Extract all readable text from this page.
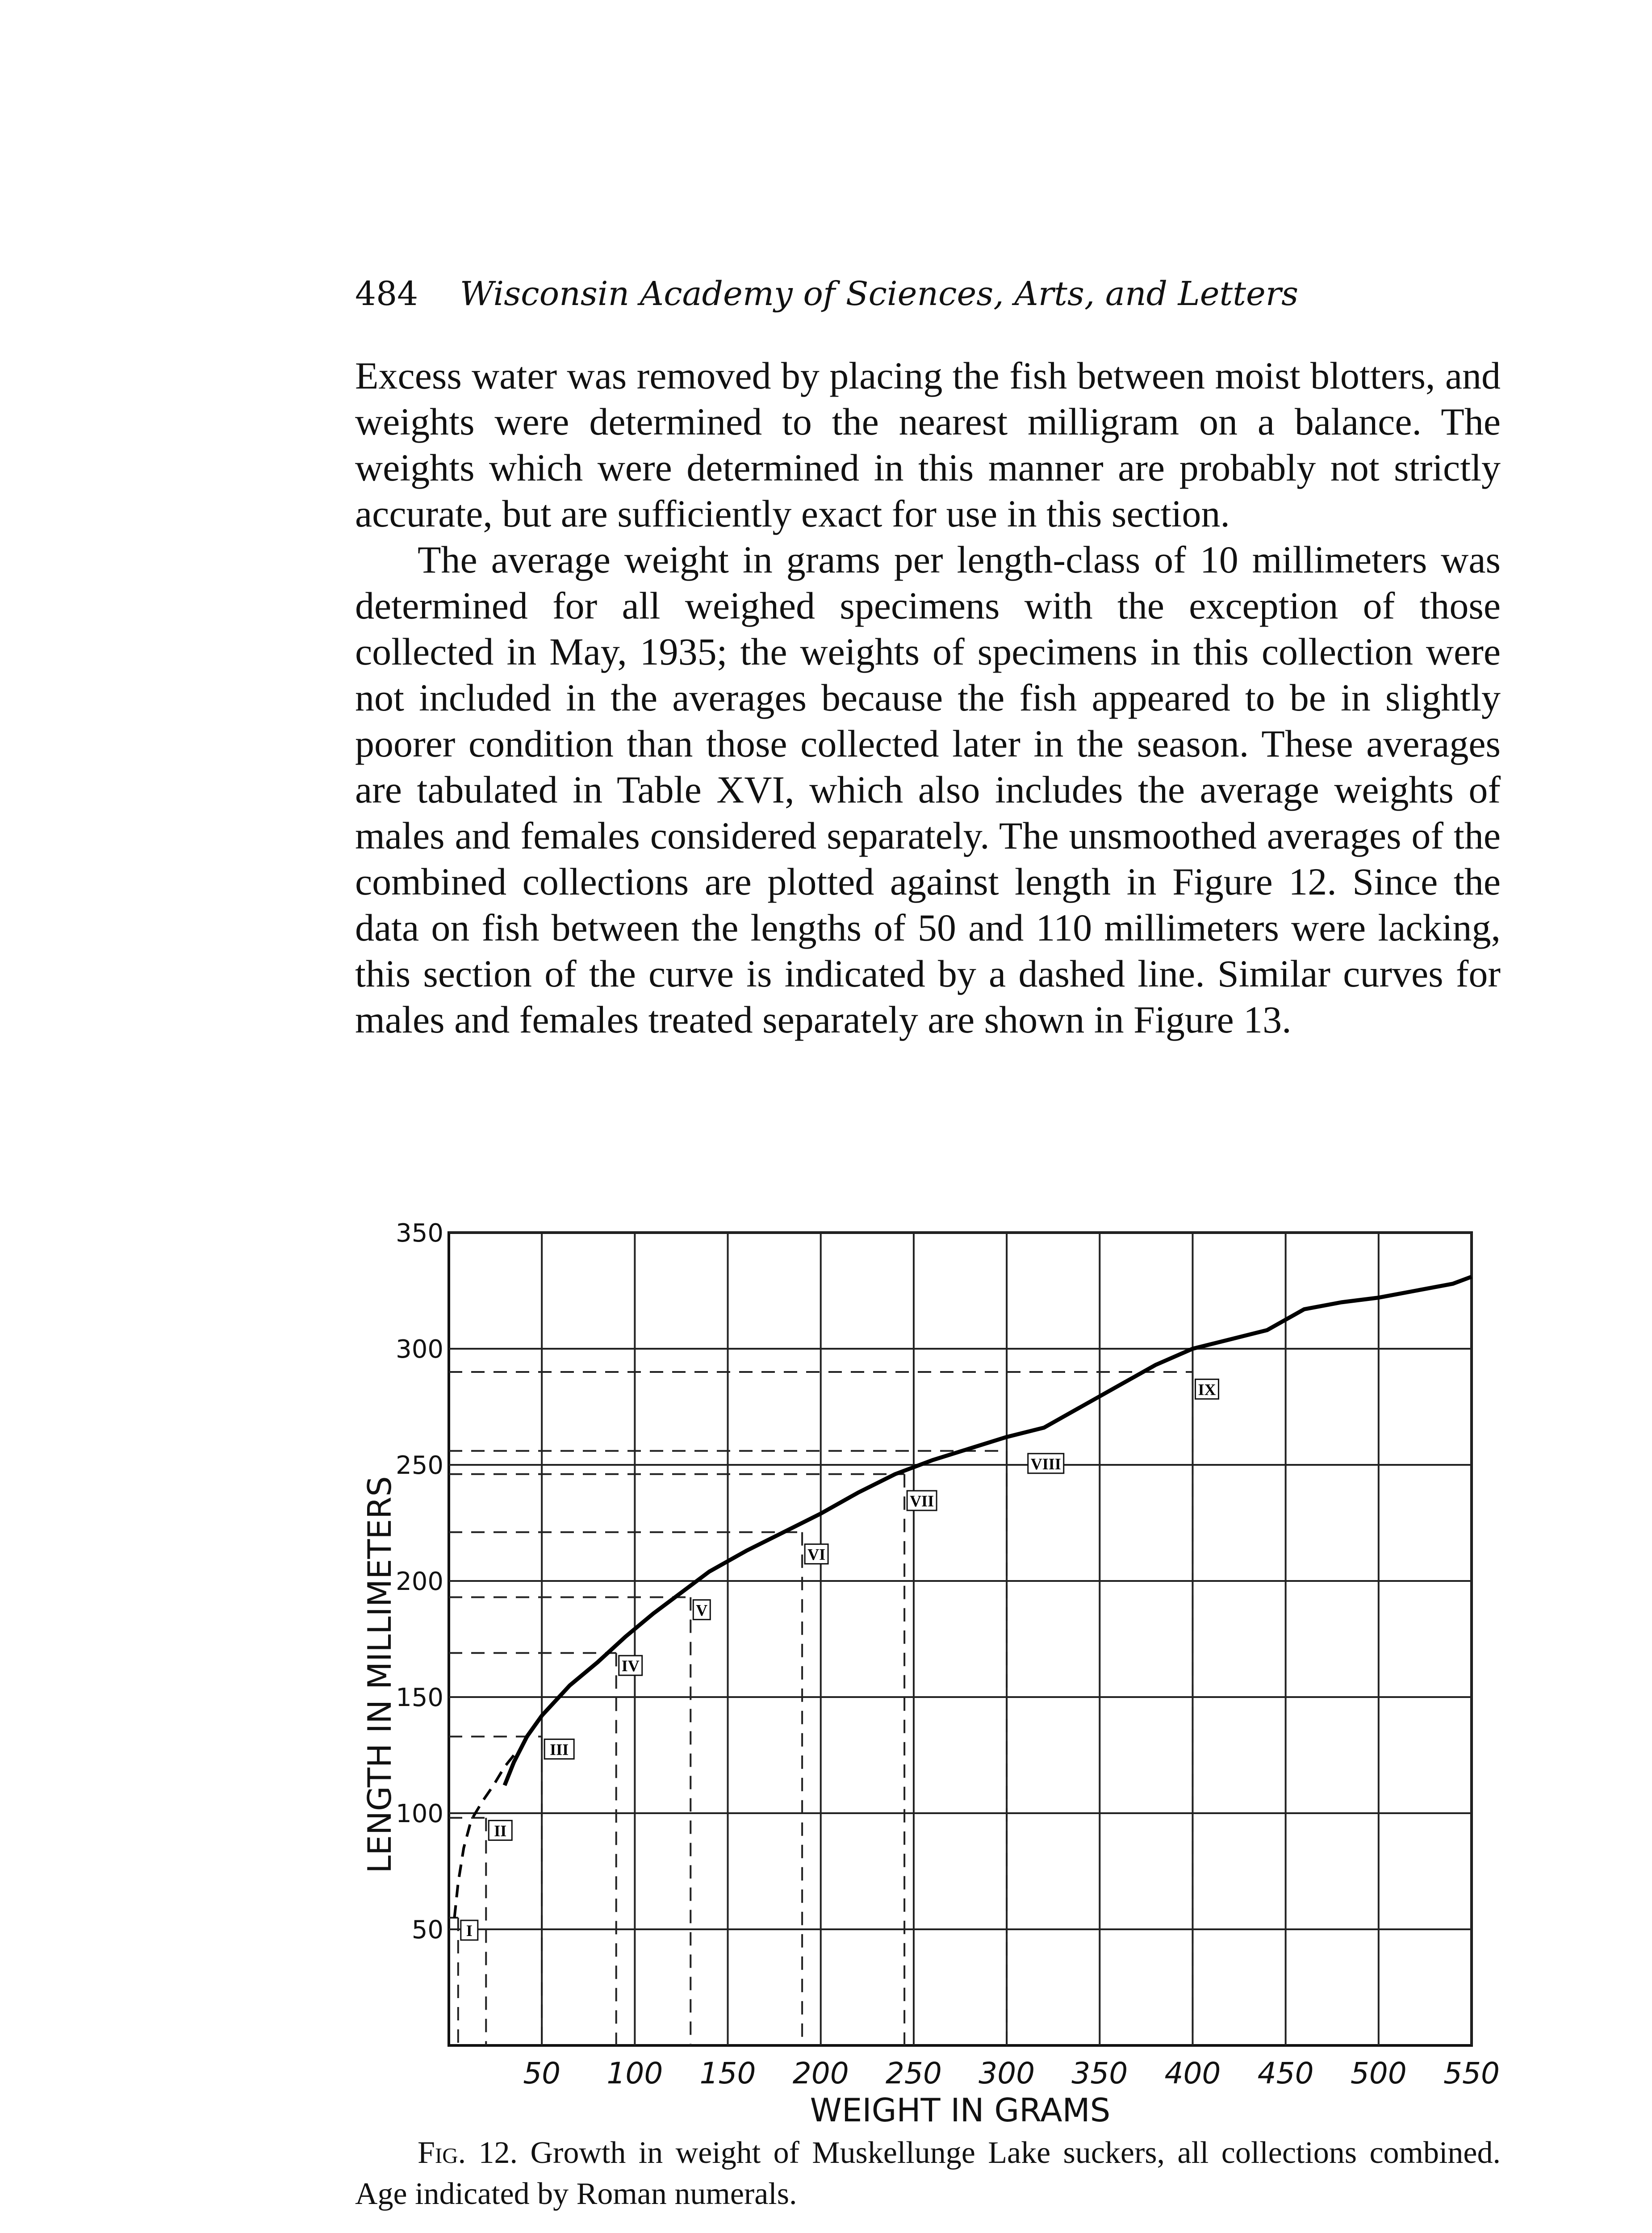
484 Wisconsin Academy of Sciences, Arts, and Letters

Excess water was removed by placing the fish between moist blotters, and weights were determined to the nearest milligram on a balance. The weights which were determined in this manner are probably not strictly accurate, but are sufficiently exact for use in this section.

The average weight in grams per length-class of 10 millimeters was determined for all weighed specimens with the exception of those collected in May, 1935; the weights of specimens in this collection were not included in the averages because the fish appeared to be in slightly poorer condition than those collected later in the season. These averages are tabulated in Table XVI, which also includes the average weights of males and females considered separately. The unsmoothed averages of the combined collections are plotted against length in Figure 12. Since the data on fish between the lengths of 50 and 110 millimeters were lacking, this section of the curve is indicated by a dashed line. Similar curves for males and females treated separately are shown in Figure 13.

I
II
III
IV
V
VI
VII
VIII
IX
50
100
150
200
250
300
350
50 100 150 200 250 300 350 400 450 500 550
WEIGHT IN GRAMS
LENGTH IN MILLIMETERS
Fig. 12. Growth in weight of Muskellunge Lake suckers, all collections combined. Age indicated by Roman numerals.
